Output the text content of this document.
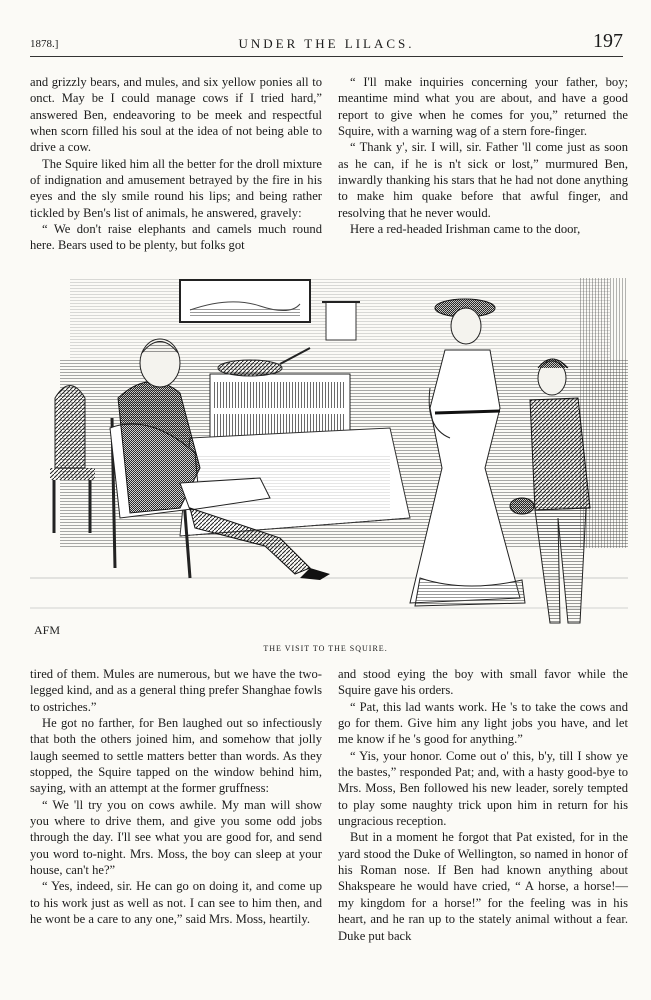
1878.]	UNDER THE LILACS.	197

and grizzly bears, and mules, and six yellow ponies all to onct. May be I could manage cows if I tried hard,” answered Ben, endeavoring to be meek and respectful when scorn filled his soul at the idea of not being able to drive a cow.

The Squire liked him all the better for the droll mixture of indignation and amusement betrayed by the fire in his eyes and the sly smile round his lips; and being rather tickled by Ben's list of animals, he answered, gravely:

“ We don't raise elephants and camels much round here. Bears used to be plenty, but folks got

“ I'll make inquiries concerning your father, boy; meantime mind what you are about, and have a good report to give when he comes for you,” returned the Squire, with a warning wag of a stern fore-finger.

“ Thank y', sir. I will, sir. Father 'll come just as soon as he can, if he is n't sick or lost,” murmured Ben, inwardly thanking his stars that he had not done anything to make him quake before that awful finger, and resolving that he never would.

Here a red-headed Irishman came to the door,

AFM
THE VISIT TO THE SQUIRE.

tired of them. Mules are numerous, but we have the two-legged kind, and as a general thing prefer Shanghae fowls to ostriches.”

He got no farther, for Ben laughed out so infectiously that both the others joined him, and somehow that jolly laugh seemed to settle matters better than words. As they stopped, the Squire tapped on the window behind him, saying, with an attempt at the former gruffness:

“ We 'll try you on cows awhile. My man will show you where to drive them, and give you some odd jobs through the day. I'll see what you are good for, and send you word to-night. Mrs. Moss, the boy can sleep at your house, can't he?”

“ Yes, indeed, sir. He can go on doing it, and come up to his work just as well as not. I can see to him then, and he wont be a care to any one,” said Mrs. Moss, heartily.

and stood eying the boy with small favor while the Squire gave his orders.

“ Pat, this lad wants work. He 's to take the cows and go for them. Give him any light jobs you have, and let me know if he 's good for anything.”

“ Yis, your honor. Come out o' this, b'y, till I show ye the bastes,” responded Pat; and, with a hasty good-bye to Mrs. Moss, Ben followed his new leader, sorely tempted to play some naughty trick upon him in return for his ungracious reception.

But in a moment he forgot that Pat existed, for in the yard stood the Duke of Wellington, so named in honor of his Roman nose. If Ben had known anything about Shakspeare he would have cried, “ A horse, a horse!—my kingdom for a horse!” for the feeling was in his heart, and he ran up to the stately animal without a fear. Duke put back
